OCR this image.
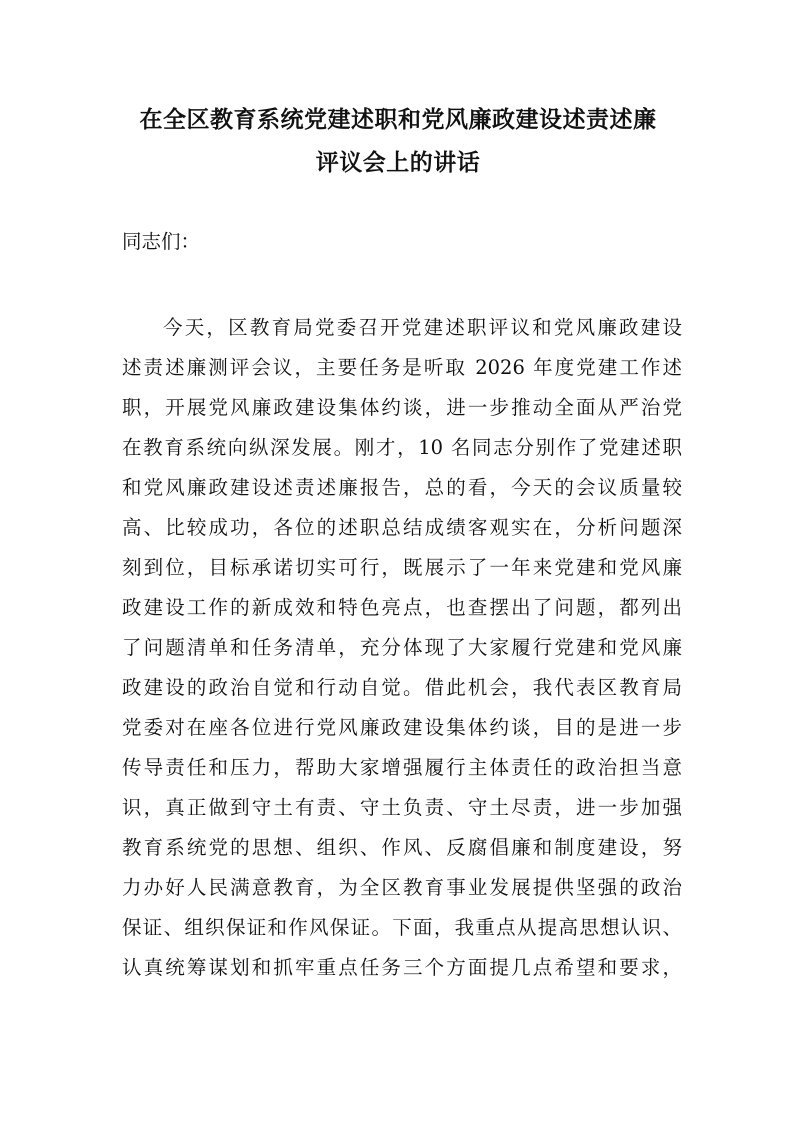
在全区教育系统党建述职和党风廉政建设述责述廉
评议会上的讲话
同志们：
今天，区教育局党委召开党建述职评议和党风廉政建设
述责述廉测评会议，主要任务是听取 2026 年度党建工作述
职，开展党风廉政建设集体约谈，进一步推动全面从严治党
在教育系统向纵深发展。刚才，10 名同志分别作了党建述职
和党风廉政建设述责述廉报告，总的看，今天的会议质量较
高、比较成功，各位的述职总结成绩客观实在，分析问题深
刻到位，目标承诺切实可行，既展示了一年来党建和党风廉
政建设工作的新成效和特色亮点，也查摆出了问题，都列出
了问题清单和任务清单，充分体现了大家履行党建和党风廉
政建设的政治自觉和行动自觉。借此机会，我代表区教育局
党委对在座各位进行党风廉政建设集体约谈，目的是进一步
传导责任和压力，帮助大家增强履行主体责任的政治担当意
识，真正做到守土有责、守土负责、守土尽责，进一步加强
教育系统党的思想、组织、作风、反腐倡廉和制度建设，努
力办好人民满意教育，为全区教育事业发展提供坚强的政治
保证、组织保证和作风保证。下面，我重点从提高思想认识、
认真统筹谋划和抓牢重点任务三个方面提几点希望和要求，
